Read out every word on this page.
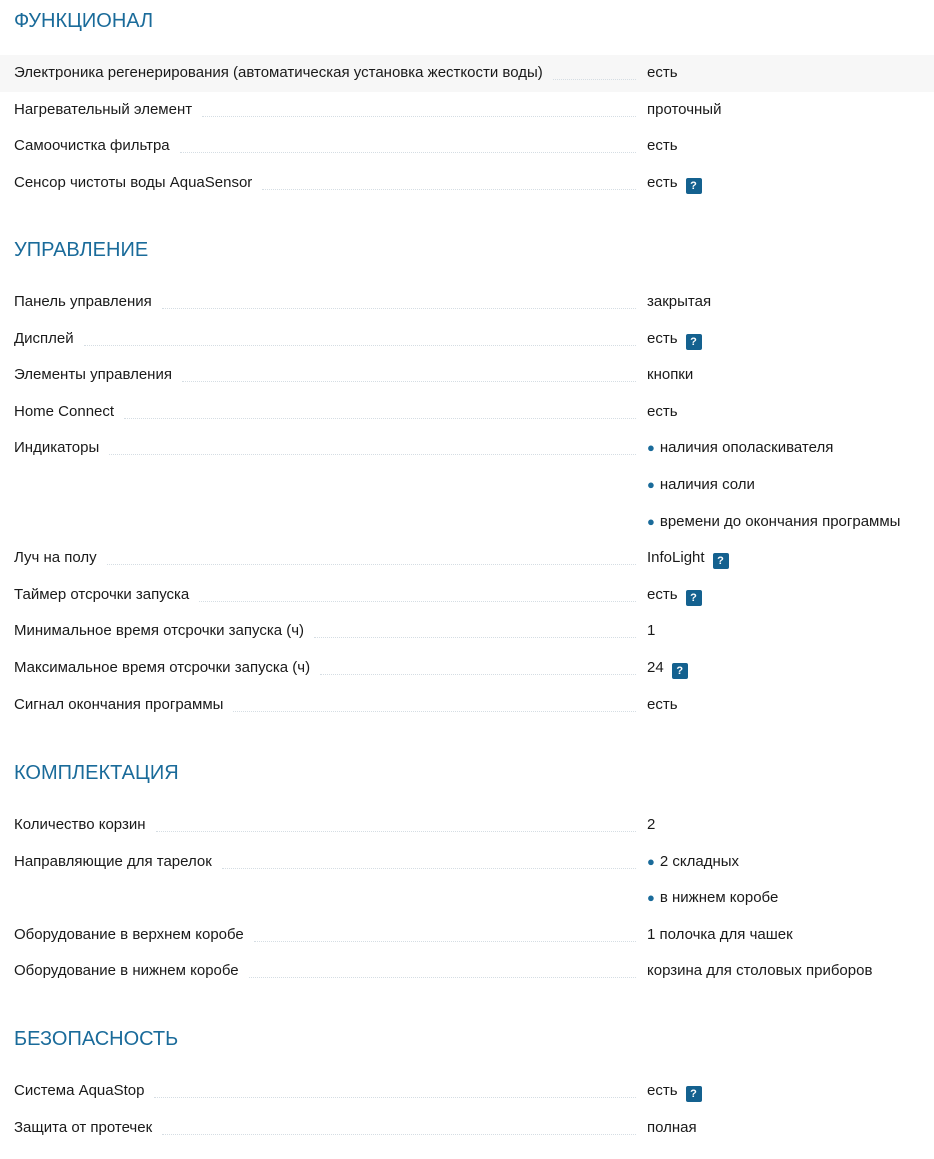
ФУНКЦИОНАЛ
Электроника регенерирования (автоматическая установка жесткости воды)	есть
Нагревательный элемент	проточный
Самоочистка фильтра	есть
Сенсор чистоты воды AquaSensor	есть ?
УПРАВЛЕНИЕ
Панель управления	закрытая
Дисплей	есть ?
Элементы управления	кнопки
Home Connect	есть
Индикаторы	● наличия ополаскивателя
● наличия соли
● времени до окончания программы
Луч на полу	InfoLight ?
Таймер отсрочки запуска	есть ?
Минимальное время отсрочки запуска (ч)	1
Максимальное время отсрочки запуска (ч)	24 ?
Сигнал окончания программы	есть
КОМПЛЕКТАЦИЯ
Количество корзин	2
Направляющие для тарелок	● 2 складных
● в нижнем коробе
Оборудование в верхнем коробе	1 полочка для чашек
Оборудование в нижнем коробе	корзина для столовых приборов
БЕЗОПАСНОСТЬ
Система AquaStop	есть ?
Защита от протечек	полная
